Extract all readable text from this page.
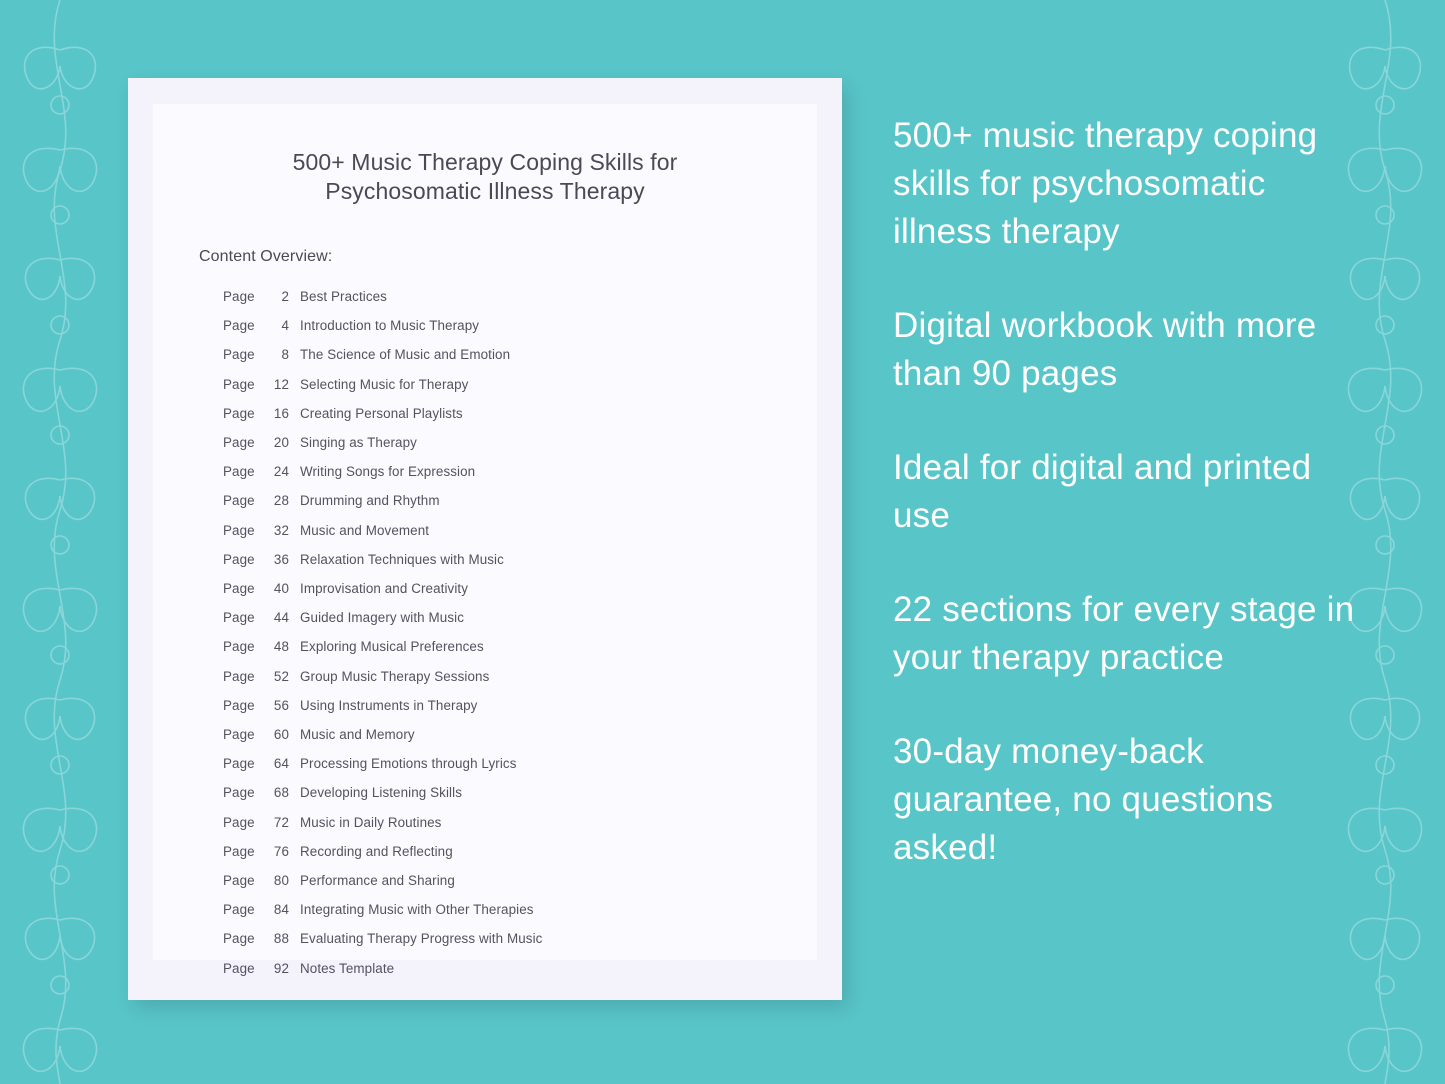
500+ Music Therapy Coping Skills for Psychosomatic Illness Therapy
Content Overview:
Page	2 Best Practices
Page	4 Introduction to Music Therapy
Page	8 The Science of Music and Emotion
Page	12 Selecting Music for Therapy
Page	16 Creating Personal Playlists
Page	20 Singing as Therapy
Page	24 Writing Songs for Expression
Page	28 Drumming and Rhythm
Page	32 Music and Movement
Page	36 Relaxation Techniques with Music
Page	40 Improvisation and Creativity
Page	44 Guided Imagery with Music
Page	48 Exploring Musical Preferences
Page	52 Group Music Therapy Sessions
Page	56 Using Instruments in Therapy
Page	60 Music and Memory
Page	64 Processing Emotions through Lyrics
Page	68 Developing Listening Skills
Page	72 Music in Daily Routines
Page	76 Recording and Reflecting
Page	80 Performance and Sharing
Page	84 Integrating Music with Other Therapies
Page	88 Evaluating Therapy Progress with Music
Page	92 Notes Template

500+ music therapy coping skills for psychosomatic illness therapy

Digital workbook with more than 90 pages

Ideal for digital and printed use

22 sections for every stage in your therapy practice

30-day money-back guarantee, no questions asked!
